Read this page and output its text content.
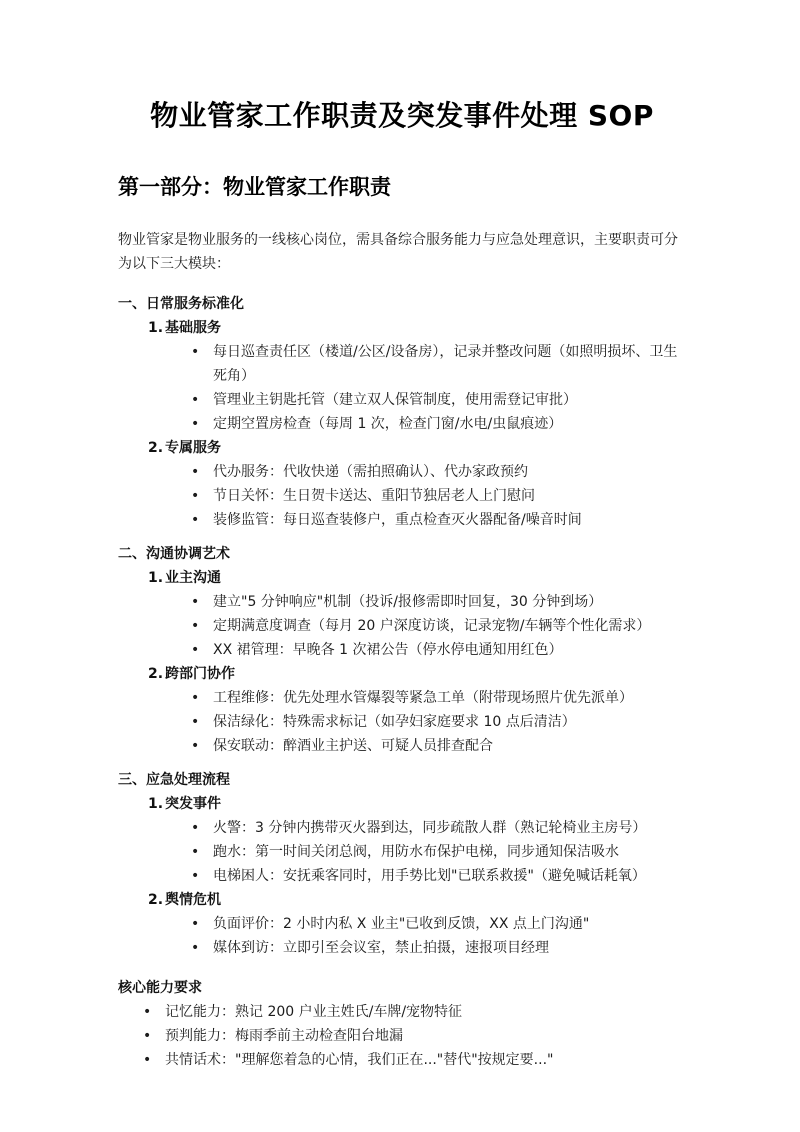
物业管家工作职责及突发事件处理 SOP
第一部分：物业管家工作职责

物业管家是物业服务的一线核心岗位，需具备综合服务能力与应急处理意识，主要职责可分为以下三大模块：

一、日常服务标准化
1. 基础服务
•
每日巡查责任区（楼道/公区/设备房），记录并整改问题（如照明损坏、卫生死角）
•
管理业主钥匙托管（建立双人保管制度，使用需登记审批）
•
定期空置房检查（每周 1 次，检查门窗/水电/虫鼠痕迹）
2. 专属服务
•
代办服务：代收快递（需拍照确认）、代办家政预约
•
节日关怀：生日贺卡送达、重阳节独居老人上门慰问
•
装修监管：每日巡查装修户，重点检查灭火器配备/噪音时间
二、沟通协调艺术
1. 业主沟通
•
建立"5 分钟响应"机制（投诉/报修需即时回复，30 分钟到场）
•
定期满意度调查（每月 20 户深度访谈，记录宠物/车辆等个性化需求）
•
XX 裙管理：早晚各 1 次裙公告（停水停电通知用红色）
2. 跨部门协作
•
工程维修：优先处理水管爆裂等紧急工单（附带现场照片优先派单）
•
保洁绿化：特殊需求标记（如孕妇家庭要求 10 点后清洁）
•
保安联动：醉酒业主护送、可疑人员排查配合
三、应急处理流程
1. 突发事件
•
火警：3 分钟内携带灭火器到达，同步疏散人群（熟记轮椅业主房号）
•
跑水：第一时间关闭总阀，用防水布保护电梯，同步通知保洁吸水
•
电梯困人：安抚乘客同时，用手势比划"已联系救援"（避免喊话耗氧）
2. 舆情危机
•
负面评价：2 小时内私 X 业主"已收到反馈，XX 点上门沟通"
•
媒体到访：立即引至会议室，禁止拍摄，速报项目经理
核心能力要求
•
记忆能力：熟记 200 户业主姓氏/车牌/宠物特征
•
预判能力：梅雨季前主动检查阳台地漏
•
共情话术："理解您着急的心情，我们正在..."替代"按规定要..."
